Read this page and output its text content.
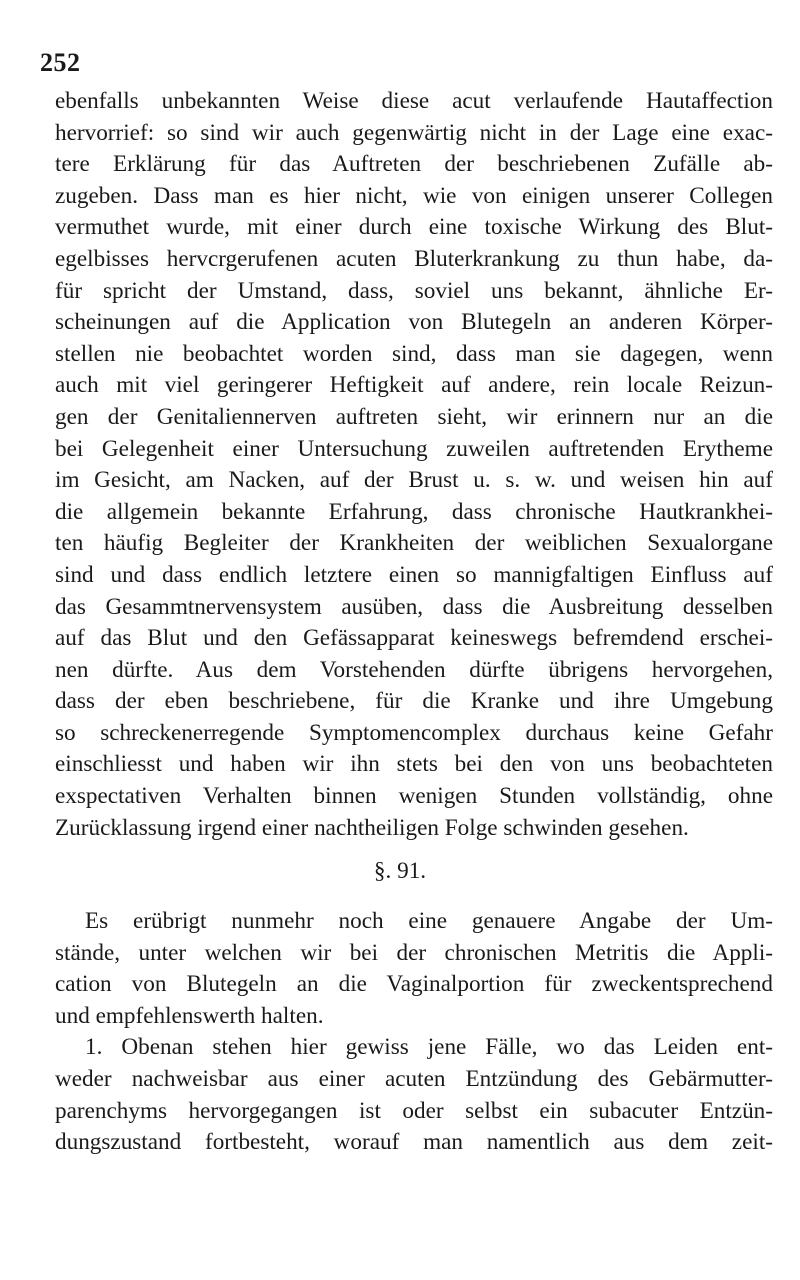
252
ebenfalls unbekannten Weise diese acut verlaufende Hautaffection
hervorrief: so sind wir auch gegenwärtig nicht in der Lage eine exac-
tere Erklärung für das Auftreten der beschriebenen Zufälle ab-
zugeben. Dass man es hier nicht, wie von einigen unserer Collegen
vermuthet wurde, mit einer durch eine toxische Wirkung des Blut-
egelbisses hervcrgerufenen acuten Bluterkrankung zu thun habe, da-
für spricht der Umstand, dass, soviel uns bekannt, ähnliche Er-
scheinungen auf die Application von Blutegeln an anderen Körper-
stellen nie beobachtet worden sind, dass man sie dagegen, wenn
auch mit viel geringerer Heftigkeit auf andere, rein locale Reizun-
gen der Genitaliennerven auftreten sieht, wir erinnern nur an die
bei Gelegenheit einer Untersuchung zuweilen auftretenden Erytheme
im Gesicht, am Nacken, auf der Brust u. s. w. und weisen hin auf
die allgemein bekannte Erfahrung, dass chronische Hautkrankhei-
ten häufig Begleiter der Krankheiten der weiblichen Sexualorgane
sind und dass endlich letztere einen so mannigfaltigen Einfluss auf
das Gesammtnervensystem ausüben, dass die Ausbreitung desselben
auf das Blut und den Gefässapparat keineswegs befremdend erschei-
nen dürfte. Aus dem Vorstehenden dürfte übrigens hervorgehen,
dass der eben beschriebene, für die Kranke und ihre Umgebung
so schreckenerregende Symptomencomplex durchaus keine Gefahr
einschliesst und haben wir ihn stets bei den von uns beobachteten
exspectativen Verhalten binnen wenigen Stunden vollständig, ohne
Zurücklassung irgend einer nachtheiligen Folge schwinden gesehen.
§. 91.
Es erübrigt nunmehr noch eine genauere Angabe der Um-
stände, unter welchen wir bei der chronischen Metritis die Appli-
cation von Blutegeln an die Vaginalportion für zweckentsprechend
und empfehlenswerth halten.
1. Obenan stehen hier gewiss jene Fälle, wo das Leiden ent-
weder nachweisbar aus einer acuten Entzündung des Gebärmutter-
parenchyms hervorgegangen ist oder selbst ein subacuter Entzün-
dungszustand fortbesteht, worauf man namentlich aus dem zeit-
